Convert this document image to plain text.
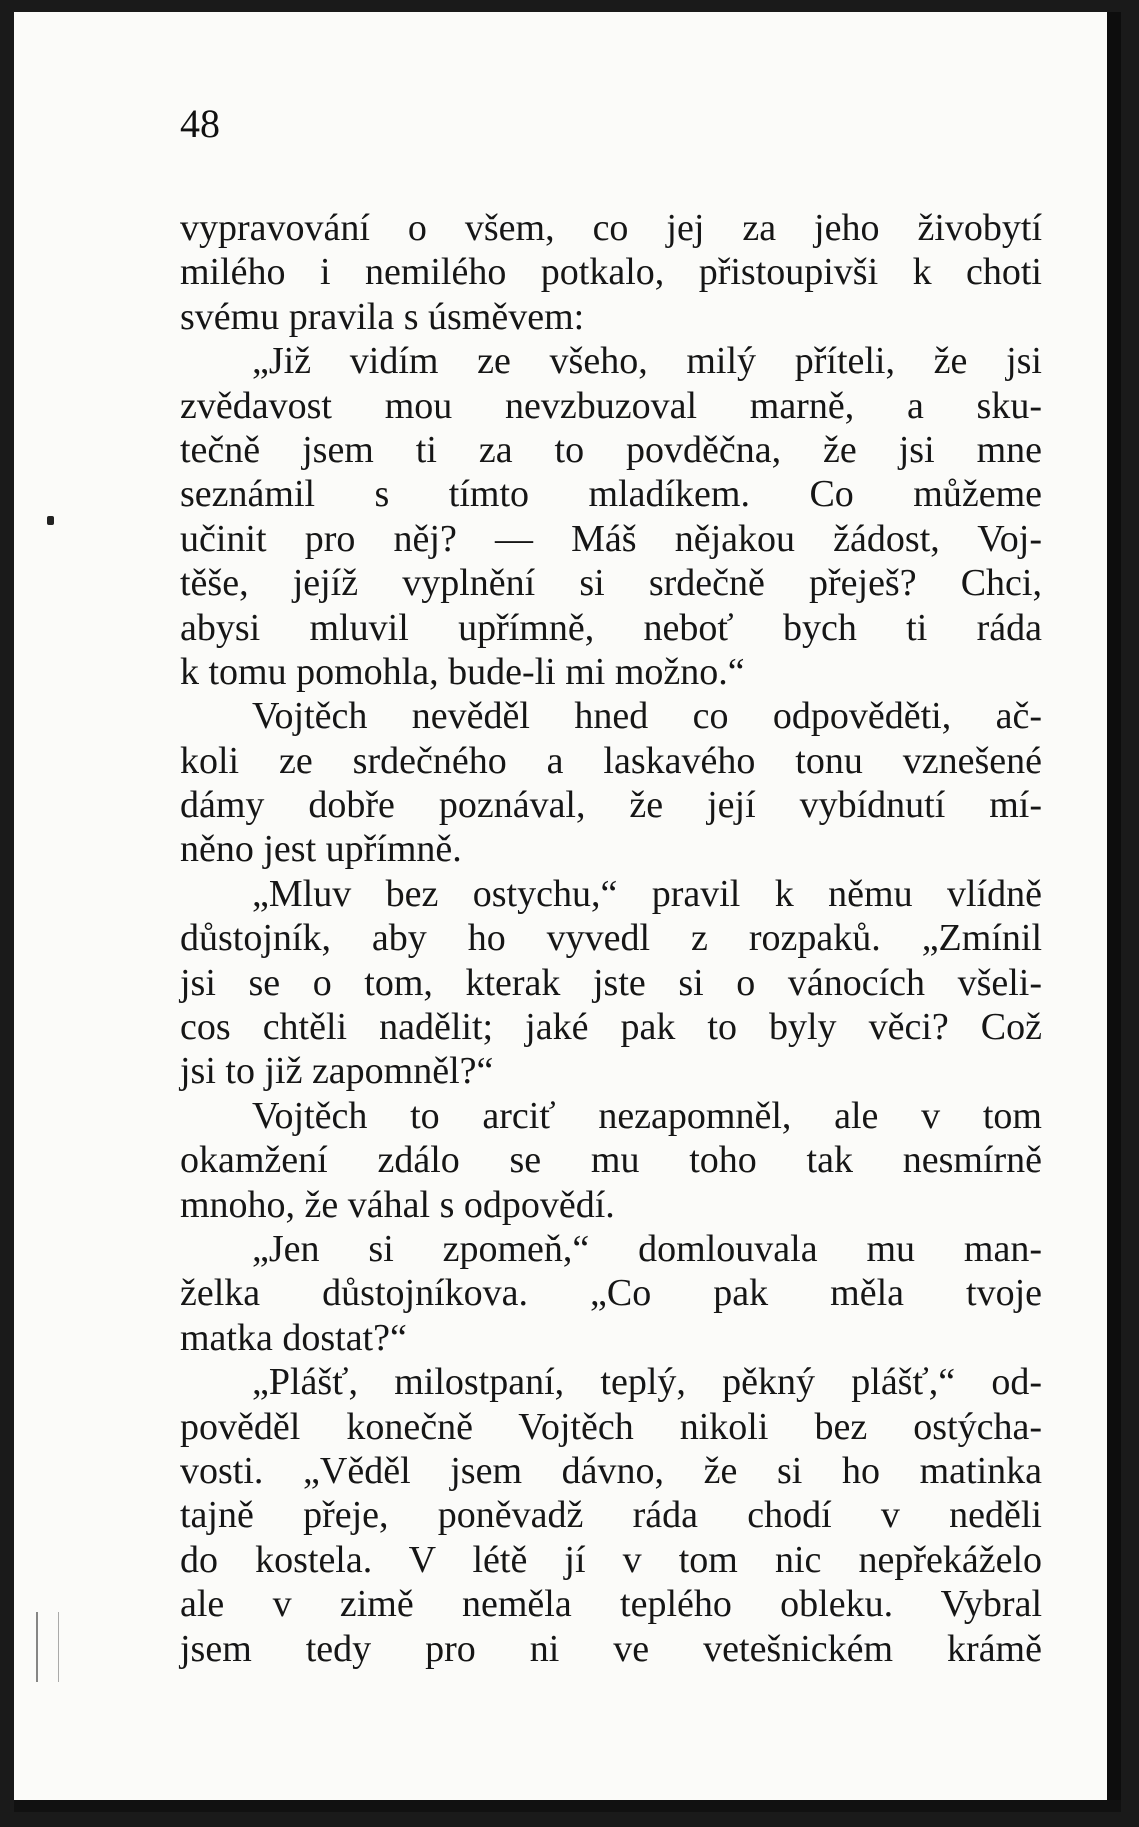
48

vypravování o všem, co jej za jeho živobytí
milého i nemilého potkalo, přistoupivši k choti
svému pravila s úsměvem:
„Již vidím ze všeho, milý příteli, že jsi
zvědavost mou nevzbuzoval marně, a sku-
tečně jsem ti za to povděčna, že jsi mne
seznámil s tímto mladíkem. Co můžeme
učinit pro něj? — Máš nějakou žádost, Voj-
těše, jejíž vyplnění si srdečně přeješ? Chci,
abysi mluvil upřímně, neboť bych ti ráda
k tomu pomohla, bude-li mi možno.“
Vojtěch nevěděl hned co odpověděti, ač-
koli ze srdečného a laskavého tonu vznešené
dámy dobře poznával, že její vybídnutí mí-
něno jest upřímně.
„Mluv bez ostychu,“ pravil k němu vlídně
důstojník, aby ho vyvedl z rozpaků. „Zmínil
jsi se o tom, kterak jste si o vánocích všeli-
cos chtěli nadělit; jaké pak to byly věci? Což
jsi to již zapomněl?“
Vojtěch to arciť nezapomněl, ale v tom
okamžení zdálo se mu toho tak nesmírně
mnoho, že váhal s odpovědí.
„Jen si zpomeň,“ domlouvala mu man-
želka důstojníkova. „Co pak měla tvoje
matka dostat?“
„Plášť, milostpaní, teplý, pěkný plášť,“ od-
pověděl konečně Vojtěch nikoli bez ostýcha-
vosti. „Věděl jsem dávno, že si ho matinka
tajně přeje, poněvadž ráda chodí v neděli
do kostela. V létě jí v tom nic nepřekáželo
ale v zimě neměla teplého obleku. Vybral
jsem tedy pro ni ve vetešnickém krámě
